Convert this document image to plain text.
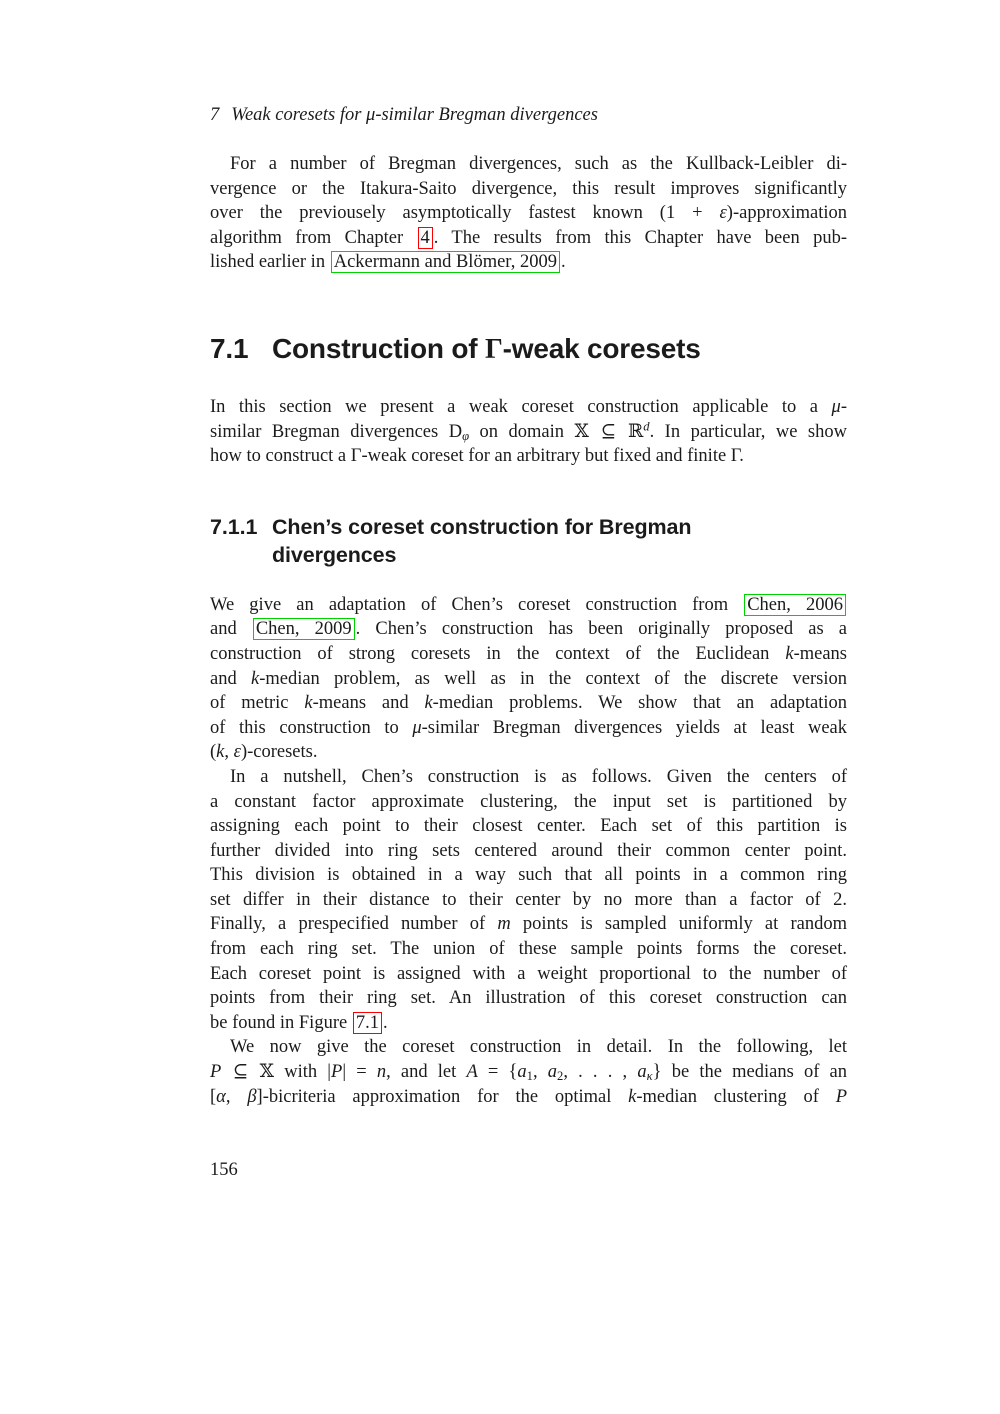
7 Weak coresets for μ-similar Bregman divergences
For a number of Bregman divergences, such as the Kullback-Leibler di-
vergence or the Itakura-Saito divergence, this result improves significantly
over the previousely asymptotically fastest known (1 + ε)-approximation
algorithm from Chapter 4 . The results from this Chapter have been pub-
lished earlier in Ackermann and Blömer, 2009 .
7.1 Construction of Γ-weak coresets
In this section we present a weak coreset construction applicable to a μ-
similar Bregman divergences Dφ on domain 𝕏 ⊆ ℝ$^d$. In particular, we show
how to construct a Γ-weak coreset for an arbitrary but fixed and finite Γ.
7.1.1 Chen’s coreset construction for Bregman
divergences
We give an adaptation of Chen’s coreset construction from Chen, 2006
and Chen, 2009 . Chen’s construction has been originally proposed as a
construction of strong coresets in the context of the Euclidean k-means
and k-median problem, as well as in the context of the discrete version
of metric k-means and k-median problems. We show that an adaptation
of this construction to μ-similar Bregman divergences yields at least weak
(k, ε)-coresets.
In a nutshell, Chen’s construction is as follows. Given the centers of
a constant factor approximate clustering, the input set is partitioned by
assigning each point to their closest center. Each set of this partition is
further divided into ring sets centered around their common center point.
This division is obtained in a way such that all points in a common ring
set differ in their distance to their center by no more than a factor of 2.
Finally, a prespecified number of m points is sampled uniformly at random
from each ring set. The union of these sample points forms the coreset.
Each coreset point is assigned with a weight proportional to the number of
points from their ring set. An illustration of this coreset construction can
be found in Figure 7.1 .
We now give the coreset construction in detail. In the following, let
P ⊆ 𝕏 with |P| = n, and let A = {a1, a2, . . . , aκ} be the medians of an
[α, β]-bicriteria approximation for the optimal k-median clustering of P
156
